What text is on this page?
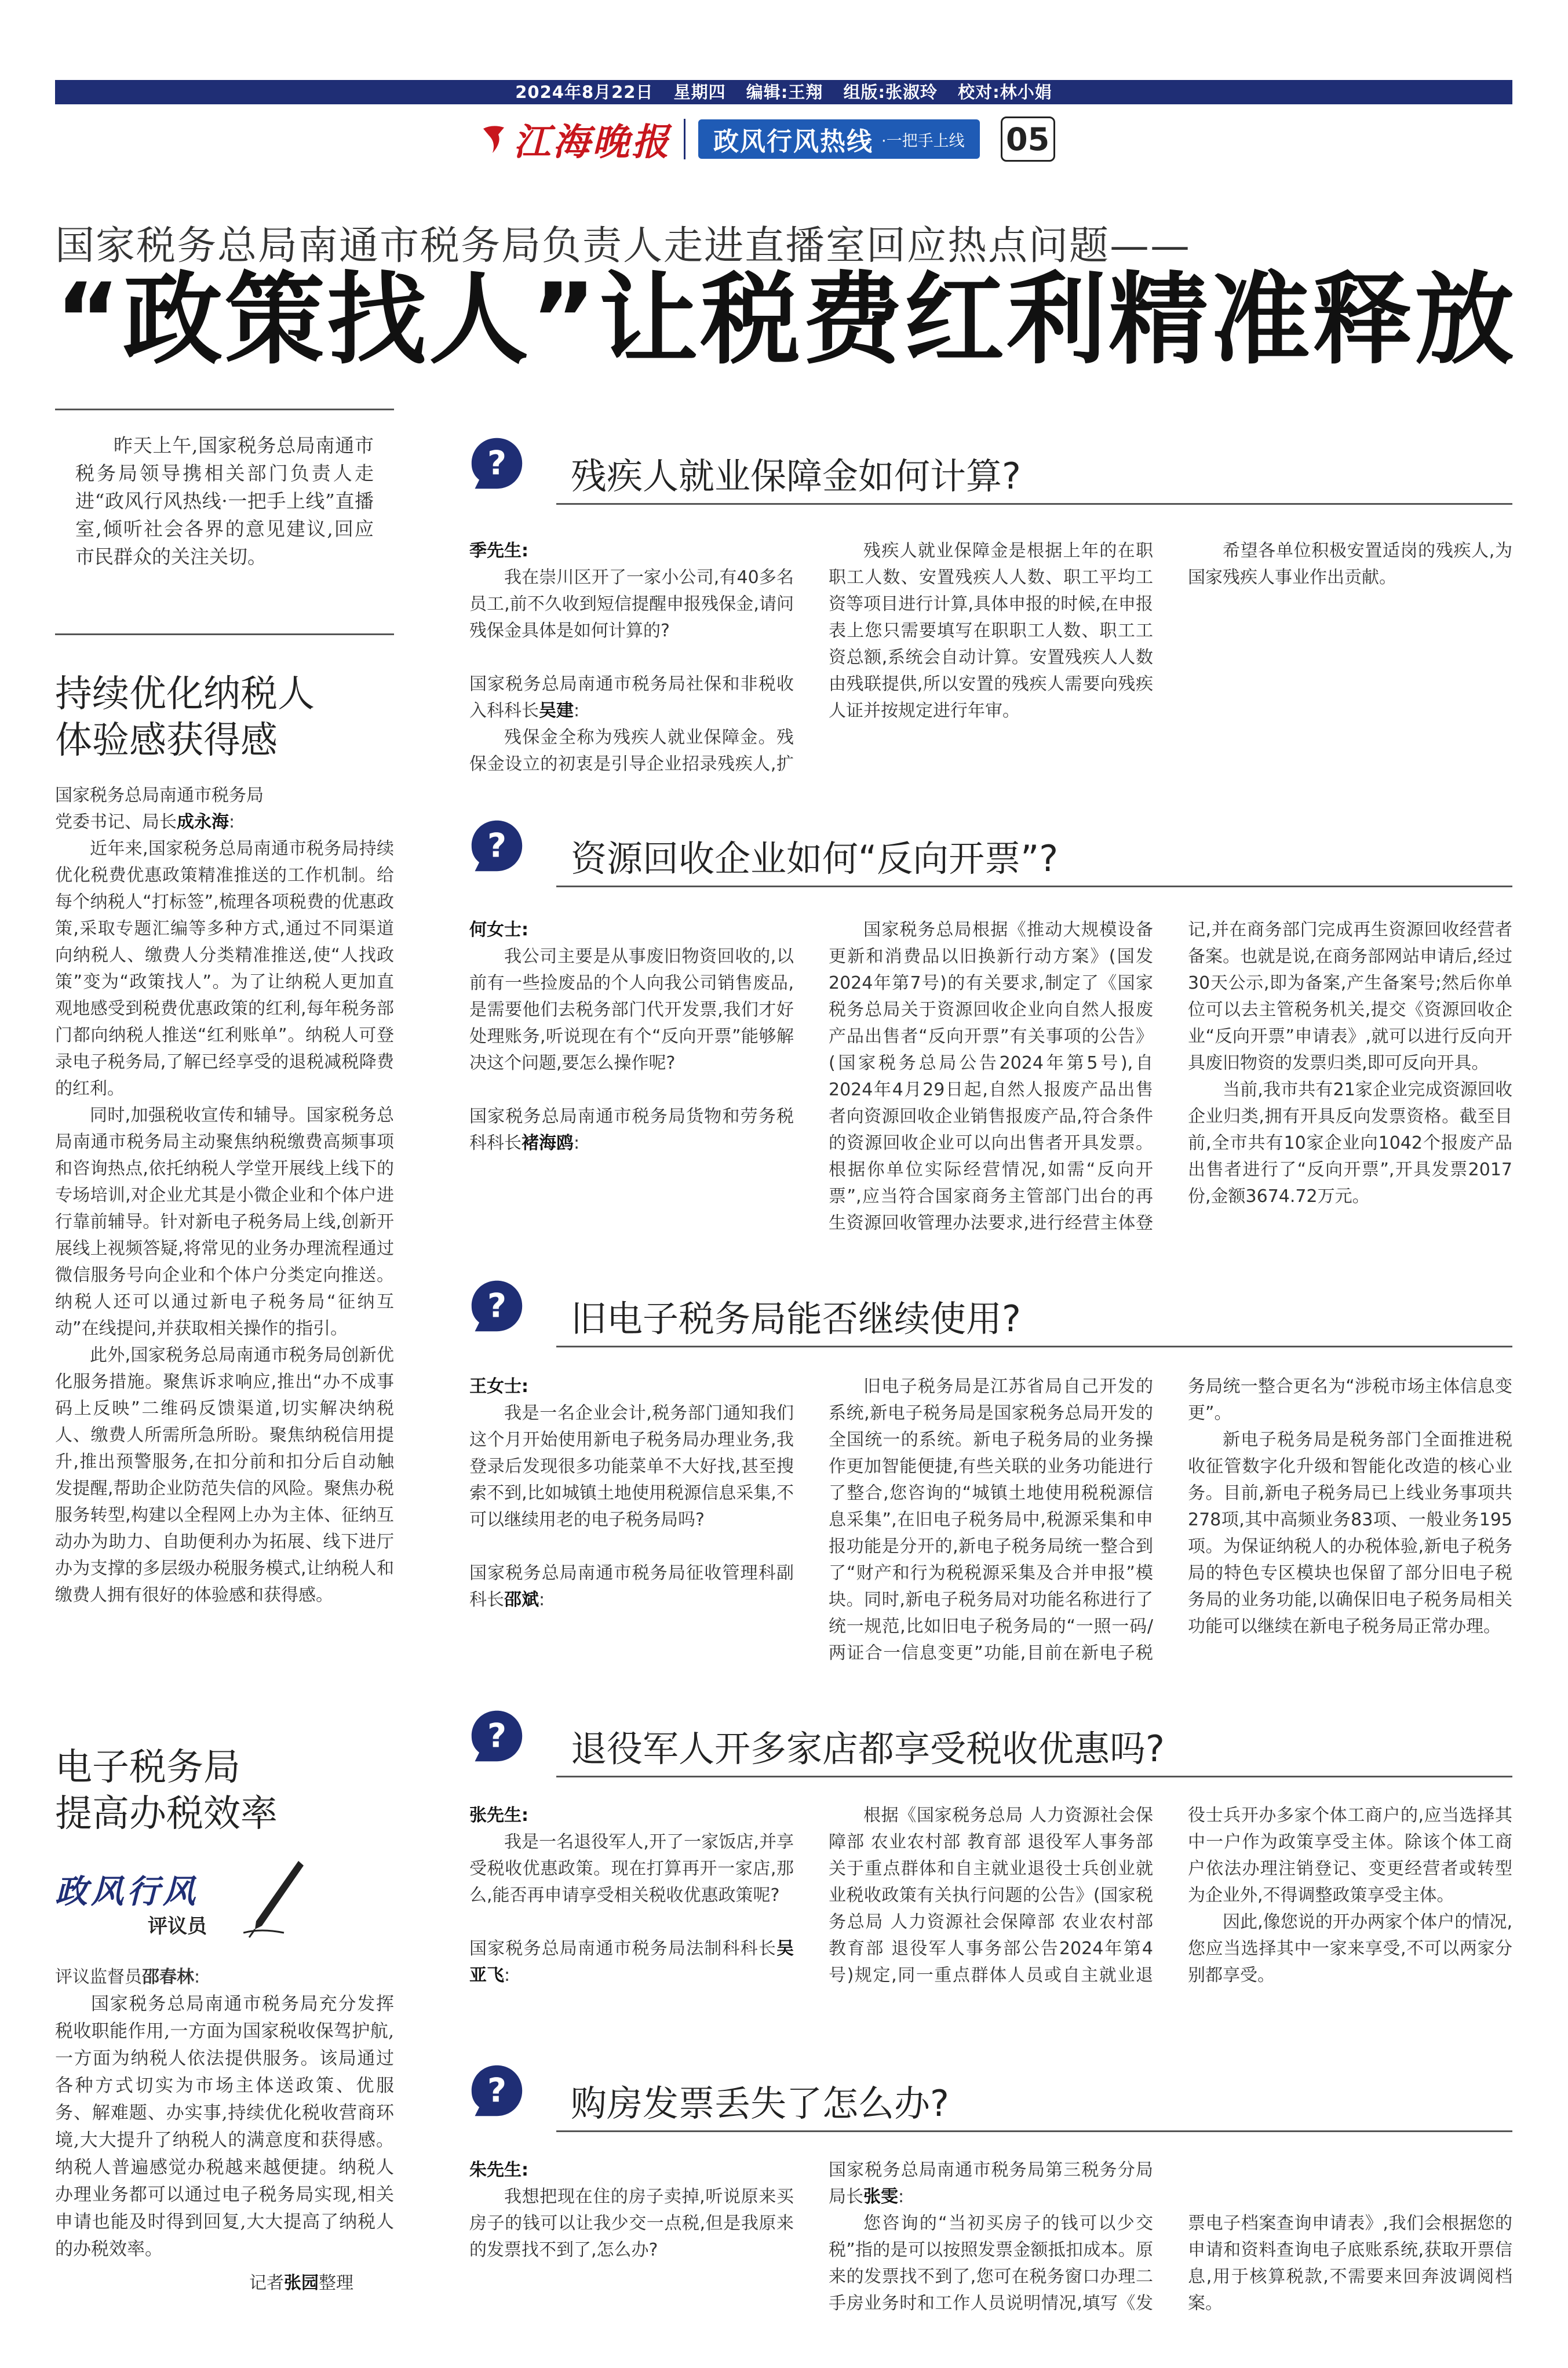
2024年8月22日 星期四 编辑:王翔 组版:张淑玲 校对:林小娟
江海晚报 政风行风热线 ·一把手上线 05
国家税务总局南通市税务局负责人走进直播室回应热点问题——
“政策找人”让税费红利精准释放
昨天上午,国家税务总局南通市税务局领导携相关部门负责人走进“政风行风热线·一把手上线”直播室,倾听社会各界的意见建议,回应市民群众的关注关切。
持续优化纳税人
体验感获得感

国家税务总局南通市税务局

党委书记、局长成永海:

近年来,国家税务总局南通市税务局持续优化税费优惠政策精准推送的工作机制。给每个纳税人“打标签”,梳理各项税费的优惠政策,采取专题汇编等多种方式,通过不同渠道向纳税人、缴费人分类精准推送,使“人找政策”变为“政策找人”。为了让纳税人更加直观地感受到税费优惠政策的红利,每年税务部门都向纳税人推送“红利账单”。纳税人可登录电子税务局,了解已经享受的退税减税降费的红利。

同时,加强税收宣传和辅导。国家税务总局南通市税务局主动聚焦纳税缴费高频事项和咨询热点,依托纳税人学堂开展线上线下的专场培训,对企业尤其是小微企业和个体户进行靠前辅导。针对新电子税务局上线,创新开展线上视频答疑,将常见的业务办理流程通过微信服务号向企业和个体户分类定向推送。纳税人还可以通过新电子税务局“征纳互动”在线提问,并获取相关操作的指引。

此外,国家税务总局南通市税务局创新优化服务措施。聚焦诉求响应,推出“办不成事码上反映”二维码反馈渠道,切实解决纳税人、缴费人所需所急所盼。聚焦纳税信用提升,推出预警服务,在扣分前和扣分后自动触发提醒,帮助企业防范失信的风险。聚焦办税服务转型,构建以全程网上办为主体、征纳互动办为助力、自助便利办为拓展、线下进厅办为支撑的多层级办税服务模式,让纳税人和缴费人拥有很好的体验感和获得感。

电子税务局
提高办税效率
政风行风
评议员

评议监督员邵春林:

国家税务总局南通市税务局充分发挥税收职能作用,一方面为国家税收保驾护航,一方面为纳税人依法提供服务。该局通过各种方式切实为市场主体送政策、优服务、解难题、办实事,持续优化税收营商环境,大大提升了纳税人的满意度和获得感。纳税人普遍感觉办税越来越便捷。纳税人办理业务都可以通过电子税务局实现,相关申请也能及时得到回复,大大提高了纳税人的办税效率。

记者张园整理
? 残疾人就业保障金如何计算?

季先生:

我在崇川区开了一家小公司,有40多名员工,前不久收到短信提醒申报残保金,请问残保金具体是如何计算的?

国家税务总局南通市税务局社保和非税收入科科长吴建:

残保金全称为残疾人就业保障金。残保金设立的初衷是引导企业招录残疾人,扩

残疾人就业保障金是根据上年的在职职工人数、安置残疾人人数、职工平均工资等项目进行计算,具体申报的时候,在申报表上您只需要填写在职职工人数、职工工资总额,系统会自动计算。安置残疾人人数由残联提供,所以安置的残疾人需要向残疾人证并按规定进行年审。

希望各单位积极安置适岗的残疾人,为国家残疾人事业作出贡献。

? 资源回收企业如何“反向开票”?

何女士:

我公司主要是从事废旧物资回收的,以前有一些捡废品的个人向我公司销售废品,是需要他们去税务部门代开发票,我们才好处理账务,听说现在有个“反向开票”能够解决这个问题,要怎么操作呢?

国家税务总局南通市税务局货物和劳务税科科长褚海鸥:

国家税务总局根据《推动大规模设备更新和消费品以旧换新行动方案》(国发2024年第7号)的有关要求,制定了《国家税务总局关于资源回收企业向自然人报废产品出售者“反向开票”有关事项的公告》(国家税务总局公告2024年第5号),自2024年4月29日起,自然人报废产品出售者向资源回收企业销售报废产品,符合条件的资源回收企业可以向出售者开具发票。根据你单位实际经营情况,如需“反向开票”,应当符合国家商务主管部门出台的再生资源回收管理办法要求,进行经营主体登记,并在商务部门完成再生资源回收经营者备案。也就是说,在商务部网站申请后,经过30天公示,即为备案,产生备案号;然后你单位可以去主管税务机关,提交《资源回收企业“反向开票”申请表》,就可以进行反向开具废旧物资的发票归类,即可反向开具。

当前,我市共有21家企业完成资源回收企业归类,拥有开具反向发票资格。截至目前,全市共有10家企业向1042个报废产品出售者进行了“反向开票”,开具发票2017份,金额3674.72万元。

? 旧电子税务局能否继续使用?

王女士:

我是一名企业会计,税务部门通知我们这个月开始使用新电子税务局办理业务,我登录后发现很多功能菜单不大好找,甚至搜索不到,比如城镇土地使用税源信息采集,不可以继续用老的电子税务局吗?

国家税务总局南通市税务局征收管理科副科长邵斌:

旧电子税务局是江苏省局自己开发的系统,新电子税务局是国家税务总局开发的全国统一的系统。新电子税务局的业务操作更加智能便捷,有些关联的业务功能进行了整合,您咨询的“城镇土地使用税税源信息采集”,在旧电子税务局中,税源采集和申报功能是分开的,新电子税务局统一整合到了“财产和行为税税源采集及合并申报”模块。同时,新电子税务局对功能名称进行了统一规范,比如旧电子税务局的“一照一码/两证合一信息变更”功能,目前在新电子税务局统一整合更名为“涉税市场主体信息变更”。

新电子税务局是税务部门全面推进税收征管数字化升级和智能化改造的核心业务。目前,新电子税务局已上线业务事项共278项,其中高频业务83项、一般业务195项。为保证纳税人的办税体验,新电子税务局的特色专区模块也保留了部分旧电子税务局的业务功能,以确保旧电子税务局相关功能可以继续在新电子税务局正常办理。

? 退役军人开多家店都享受税收优惠吗?

张先生:

我是一名退役军人,开了一家饭店,并享受税收优惠政策。现在打算再开一家店,那么,能否再申请享受相关税收优惠政策呢?

国家税务总局南通市税务局法制科科长吴亚飞:

根据《国家税务总局 人力资源社会保障部 农业农村部 教育部 退役军人事务部关于重点群体和自主就业退役士兵创业就业税收政策有关执行问题的公告》(国家税务总局 人力资源社会保障部 农业农村部 教育部 退役军人事务部公告2024年第4号)规定,同一重点群体人员或自主就业退役士兵开办多家个体工商户的,应当选择其中一户作为政策享受主体。除该个体工商户依法办理注销登记、变更经营者或转型为企业外,不得调整政策享受主体。

因此,像您说的开办两家个体户的情况,您应当选择其中一家来享受,不可以两家分别都享受。

? 购房发票丢失了怎么办?

朱先生:

我想把现在住的房子卖掉,听说原来买房子的钱可以让我少交一点税,但是我原来的发票找不到了,怎么办?

国家税务总局南通市税务局第三税务分局局长张雯:

您咨询的“当初买房子的钱可以少交税”指的是可以按照发票金额抵扣成本。原来的发票找不到了,您可在税务窗口办理二手房业务时和工作人员说明情况,填写《发票电子档案查询申请表》,我们会根据您的申请和资料查询电子底账系统,获取开票信息,用于核算税款,不需要来回奔波调阅档案。
